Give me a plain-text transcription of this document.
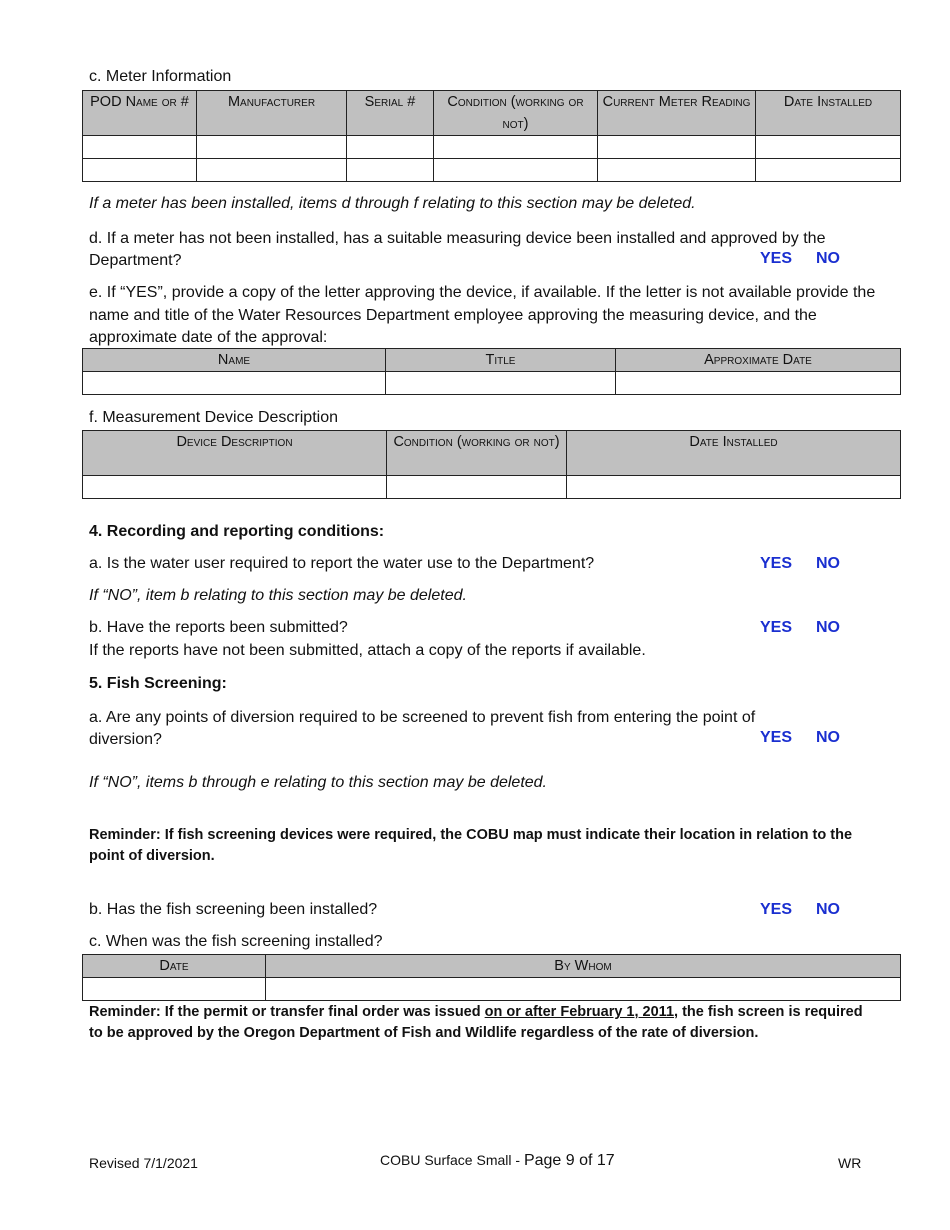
c. Meter Information
POD Name or #	Manufacturer	Serial #	Condition (working or not)	Current Meter Reading	Date Installed

If a meter has been installed, items d through f relating to this section may be deleted.
d. If a meter has not been installed, has a suitable measuring device been installed and approved by the Department?	YES NO
e. If “YES”, provide a copy of the letter approving the device, if available. If the letter is not available provide the name and title of the Water Resources Department employee approving the measuring device, and the approximate date of the approval:
Name	Title	Approximate Date

f. Measurement Device Description
Device Description	Condition (working or not)	Date Installed

4. Recording and reporting conditions:
a. Is the water user required to report the water use to the Department?	YES NO
If “NO”, item b relating to this section may be deleted.
b. Have the reports been submitted?	YES NO
If the reports have not been submitted, attach a copy of the reports if available.
5. Fish Screening:
a. Are any points of diversion required to be screened to prevent fish from entering the point of diversion?	YES NO
If “NO”, items b through e relating to this section may be deleted.
Reminder: If fish screening devices were required, the COBU map must indicate their location in relation to the point of diversion.
b. Has the fish screening been installed?	YES NO
c. When was the fish screening installed?
Date	By Whom

Reminder: If the permit or transfer final order was issued on or after February 1, 2011, the fish screen is required to be approved by the Oregon Department of Fish and Wildlife regardless of the rate of diversion.
Revised 7/1/2021	COBU Surface Small - Page 9 of 17	WR
